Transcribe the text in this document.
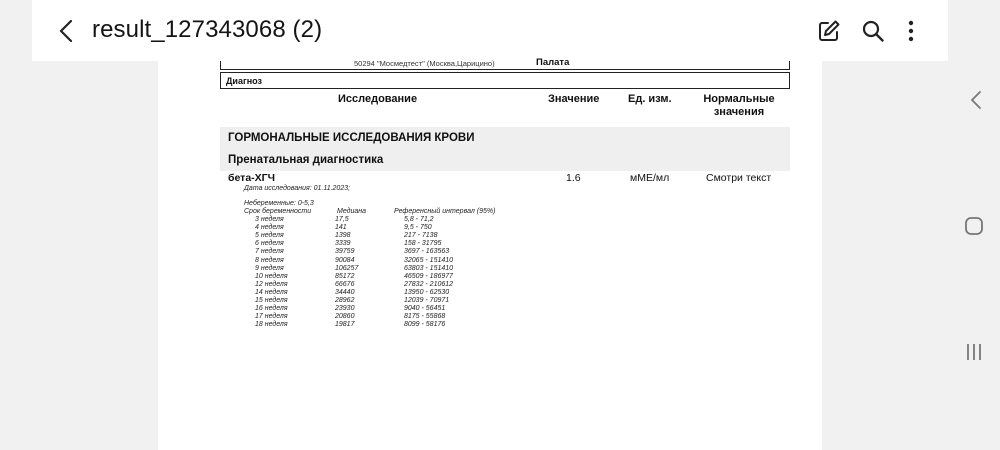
result_127343068 (2)
50294 "Мосмедтест" (Москва,Царицино)	Палата
Диагноз
Исследование	Значение	Ед. изм.	Нормальные значения
ГОРМОНАЛЬНЫЕ ИССЛЕДОВАНИЯ КРОВИ
Пренатальная диагностика
бета-ХГЧ	1.6	мМЕ/мл	Смотри текст
Дата исследования: 01.11.2023;
Небеременные: 0-5,3
Срок беременности	Медиана	Референсный интервал (95%)
3 неделя	17,5	5,8 - 71,2
4 неделя	141	9,5 - 750
5 неделя	1398	217 - 7138
6 неделя	3339	158 - 31795
7 неделя	39759	3697 - 163563
8 неделя	90084	32065 - 151410
9 неделя	106257	63803 - 151410
10 неделя	85172	46509 - 186977
12 неделя	66676	27832 - 210612
14 неделя	34440	13950 - 62530
15 неделя	28962	12039 - 70971
16 неделя	23930	9040 - 56451
17 неделя	20860	8175 - 55868
18 неделя	19817	8099 - 58176
